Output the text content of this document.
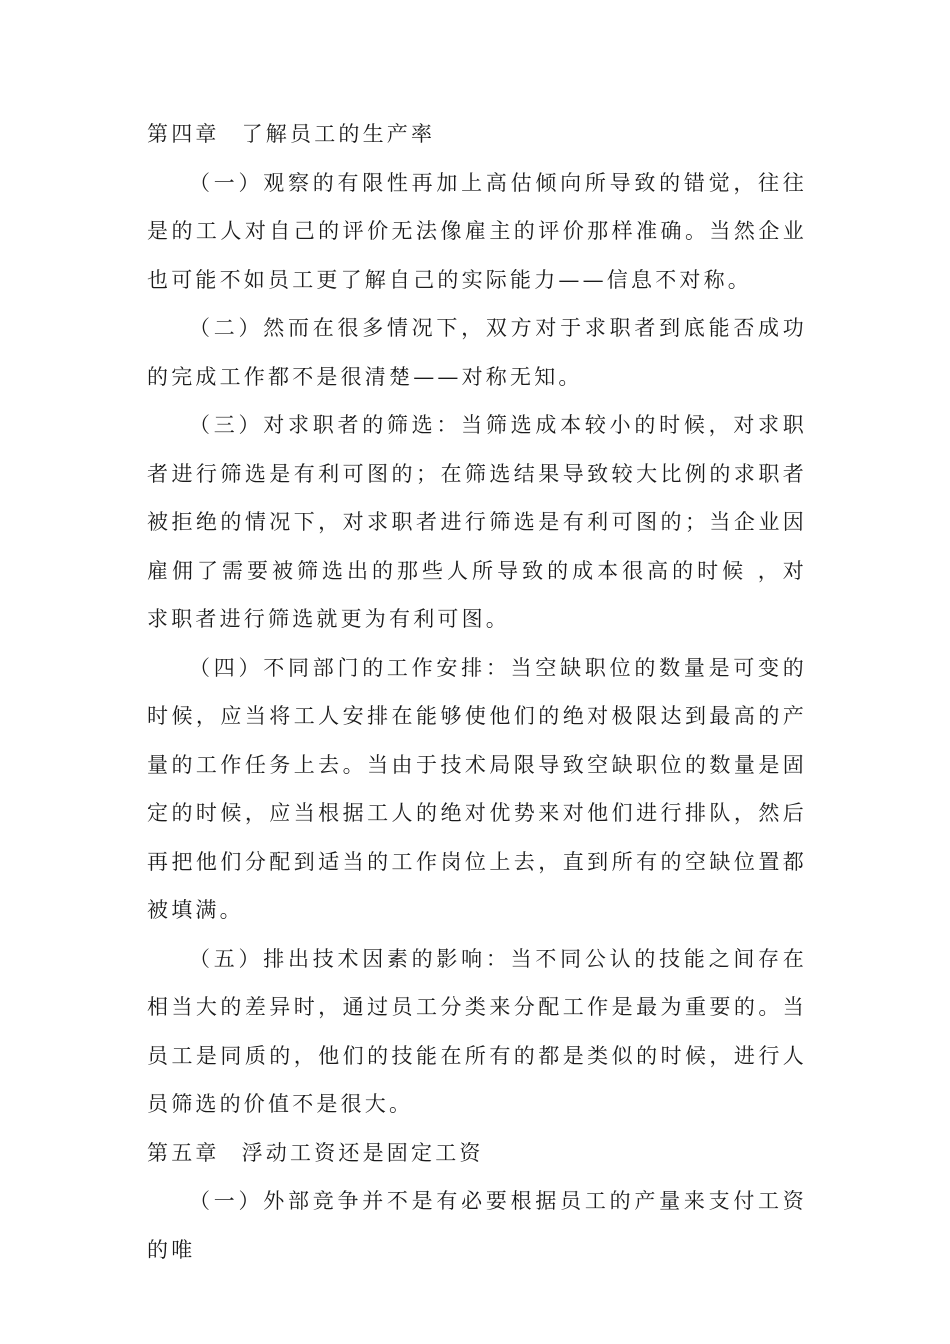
第四章 了解员工的生产率

（一）观察的有限性再加上高估倾向所导致的错觉，往往是的工人对自己的评价无法像雇主的评价那样准确。当然企业也可能不如员工更了解自己的实际能力——信息不对称。

（二）然而在很多情况下，双方对于求职者到底能否成功的完成工作都不是很清楚——对称无知。

（三）对求职者的筛选：当筛选成本较小的时候，对求职者进行筛选是有利可图的；在筛选结果导致较大比例的求职者被拒绝的情况下，对求职者进行筛选是有利可图的；当企业因雇佣了需要被筛选出的那些人所导致的成本很高的时候 ，对求职者进行筛选就更为有利可图。

（四）不同部门的工作安排：当空缺职位的数量是可变的时候，应当将工人安排在能够使他们的绝对极限达到最高的产量的工作任务上去。当由于技术局限导致空缺职位的数量是固定的时候，应当根据工人的绝对优势来对他们进行排队，然后再把他们分配到适当的工作岗位上去，直到所有的空缺位置都被填满。

（五）排出技术因素的影响：当不同公认的技能之间存在相当大的差异时，通过员工分类来分配工作是最为重要的。当员工是同质的，他们的技能在所有的都是类似的时候，进行人员筛选的价值不是很大。

第五章 浮动工资还是固定工资

（一）外部竞争并不是有必要根据员工的产量来支付工资的唯
